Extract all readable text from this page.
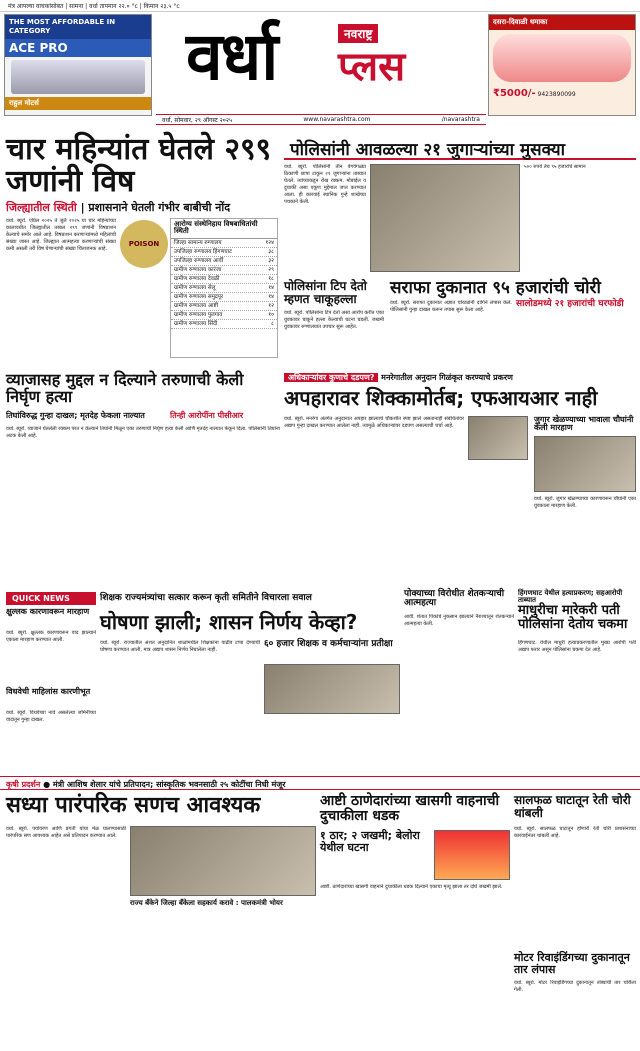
मंत्र आपल्या वाचकांसोबत | सामना | वर्धा तापमान २२.० °c | किमान २३.५ °c
THE MOST AFFORDABLE IN CATEGORY
ACE PRO
राहुल मोटर्स
वर्धा	नवराष्ट्र
प्लस
दसरा-दिवाळी धमाका
₹5000/- 9423890099
वर्धा, सोमवार, २९ ऑगस्ट २०२५	www.navarashtra.com	/navarashtra
चार महिन्यांत घेतले २९९ जणांनी विष
जिल्ह्यातील स्थिती | प्रशासनाने घेतली गंभीर बाबीची नोंद
वर्धा. ब्यूरो. एप्रिल २०२५ ते जुलै २०२५ या चार महिन्यांच्या कालावधीत जिल्ह्यातील तब्बल २९९ जणांनी विषप्राशन केल्याचे समोर आले आहे. विषप्राशन करणाऱ्यांमध्ये महिलांची संख्या जास्त आहे. जिल्ह्यात आत्महत्या करणाऱ्यांची संख्या कमी असली तरी विष घेणाऱ्यांची संख्या चिंताजनक आहे.
POISON
आरोग्य संस्थेनिहाय विषबाधितांची स्थिती
जिल्हा सामान्य रुग्णालय	१२४
उपजिल्हा रुग्णालय हिंगणघाट	३८
उपजिल्हा रुग्णालय आर्वी	३२
ग्रामीण रुग्णालय कारंजा	२९
ग्रामीण रुग्णालय देवळी	१८
ग्रामीण रुग्णालय सेलू	१४
ग्रामीण रुग्णालय समुद्रपूर	१४
ग्रामीण रुग्णालय आष्टी	१२
ग्रामीण रुग्णालय पुलगाव	१०
ग्रामीण रुग्णालय सिंदी	८
पोलिसांनी आवळल्या २१ जुगाऱ्यांच्या मुसक्या
वर्धा. ब्यूरो. पोलिसांनी तीन वेगवेगळ्या ठिकाणी छापा टाकून २१ जुगाऱ्यांना ताब्यात घेतले. त्यांच्याकडून रोख रक्कम, मोबाईल व दुचाकी असा एकूण मुद्देमाल जप्त करण्यात आला. ही कारवाई स्थानिक गुन्हे शाखेच्या पथकाने केली.
५०० रुपये तेच ९५ हजारांचे सामान
पोलिसांना टिप देतो म्हणत चाकूहल्ला
वर्धा. ब्यूरो. पोलिसांना टिप देतो असा आरोप करीत एका युवकावर चाकूने हल्ला केल्याची घटना घडली. जखमी युवकावर रुग्णालयात उपचार सुरू आहेत.
सराफा दुकानात ९५ हजारांची चोरी
वर्धा. ब्यूरो. सराफा दुकानात अज्ञात चोरट्यांनी दागिने लंपास केले. पोलिसांनी गुन्हा दाखल करून तपास सुरू केला आहे.
सालोडमध्ये २१ हजारांची घरफोडी
व्याजासह मुद्दल न दिल्याने तरुणाची केली निर्घृण हत्या
तिघांविरुद्ध गुन्हा दाखल; मृतदेह फेकला नाल्यात	तिन्ही आरोपींना पीसीआर
वर्धा. ब्यूरो. व्याजाने घेतलेली रक्कम परत न केल्याने तिघांनी मिळून एका तरुणाची निर्घृण हत्या केली आणि मृतदेह नाल्यात फेकून दिला. पोलिसांनी तिघांना अटक केली आहे.
अधिकाऱ्यांवर कुणाचे दडपण? मनरेगातील अनुदान गिळंकृत करण्याचे प्रकरण
अपहारावर शिक्कामोर्तब; एफआयआर नाही
वर्धा. ब्यूरो. मनरेगा अंतर्गत अनुदानात अपहार झाल्याचे चौकशीत स्पष्ट झाले असतानाही संबंधितांवर अद्याप गुन्हा दाखल करण्यात आलेला नाही. त्यामुळे अधिकाऱ्यांवर दडपण असल्याची चर्चा आहे.
जुगार खेळण्याच्या भावाला चौघांनी केली मारहाण
वर्धा. ब्यूरो. जुगार खेळण्याच्या कारणावरून चौघांनी एका युवकाला मारहाण केली.
QUICK NEWS
क्षुल्लक कारणावरून मारहाण
वर्धा. ब्यूरो. क्षुल्लक कारणावरून वाद झाल्याने एकाला मारहाण करण्यात आली.
विधवेची माहिलांस कारणीभूत
वर्धा. ब्यूरो. विधवेच्या नावे असलेल्या जमिनीच्या वादातून गुन्हा दाखल.
शिक्षक राज्यमंत्र्यांचा सत्कार करून कृती समितीने विचारला सवाल
घोषणा झाली; शासन निर्णय केव्हा?
वर्धा. ब्यूरो. राज्यातील अंशत अनुदानित शाळांमधील शिक्षकांना वाढीव टप्पा देण्याची घोषणा करण्यात आली, मात्र अद्याप शासन निर्णय निघालेला नाही.
६० हजार शिक्षक व कर्मचाऱ्यांना प्रतीक्षा
पोक्याच्या विरोधीत शेतकऱ्याची आत्महत्या
आर्वी. शेतात पिकांचे नुकसान झाल्याने नैराश्यातून शेतकऱ्याने आत्महत्या केली.
हिंगणघाट येथील हत्याप्रकरण; सहआरोपी ताब्यात
माधुरीचा मारेकरी पती पोलिसांना देतोय चकमा
हिंगणघाट. येथील माधुरी हत्याप्रकरणातील मुख्य आरोपी पती अद्याप फरार असून पोलिसांना चकमा देत आहे.
कृषी प्रदर्शन ● मंत्री आशिष शेलार यांचे प्रतिपादन; सांस्कृतिक भवनसाठी २५ कोटींचा निधी मंजूर
सध्या पारंपरिक सणच आवश्यक
वर्धा. ब्यूरो. पर्यावरण आणि प्रगती यांचा मेळ घालण्यासाठी पारंपरिक सण आवश्यक आहेत असे प्रतिपादन करण्यात आले.
राज्य बँकेने जिल्हा बँकेला सहकार्य करावे : पालकमंत्री भोयर
आष्टी ठाणेदारांच्या खासगी वाहनाची दुचाकीला धडक
१ ठार; २ जखमी; बेलोरा येथील घटना
आष्टी. ठाणेदारांच्या खासगी वाहनाने दुचाकीला धडक दिल्याने एकाचा मृत्यू झाला तर दोघे जखमी झाले.
सालफळ घाटातून रेती चोरी थांबली
वर्धा. ब्यूरो. सालफळ घाटातून होणारी रेती चोरी प्रशासनाच्या कारवाईनंतर थांबली आहे.
मोटर रिवाइंडिंगच्या दुकानातून तार लंपास
वर्धा. ब्यूरो. मोटर रिवाइंडिंगच्या दुकानातून तांब्याची तार चोरीला गेली.
